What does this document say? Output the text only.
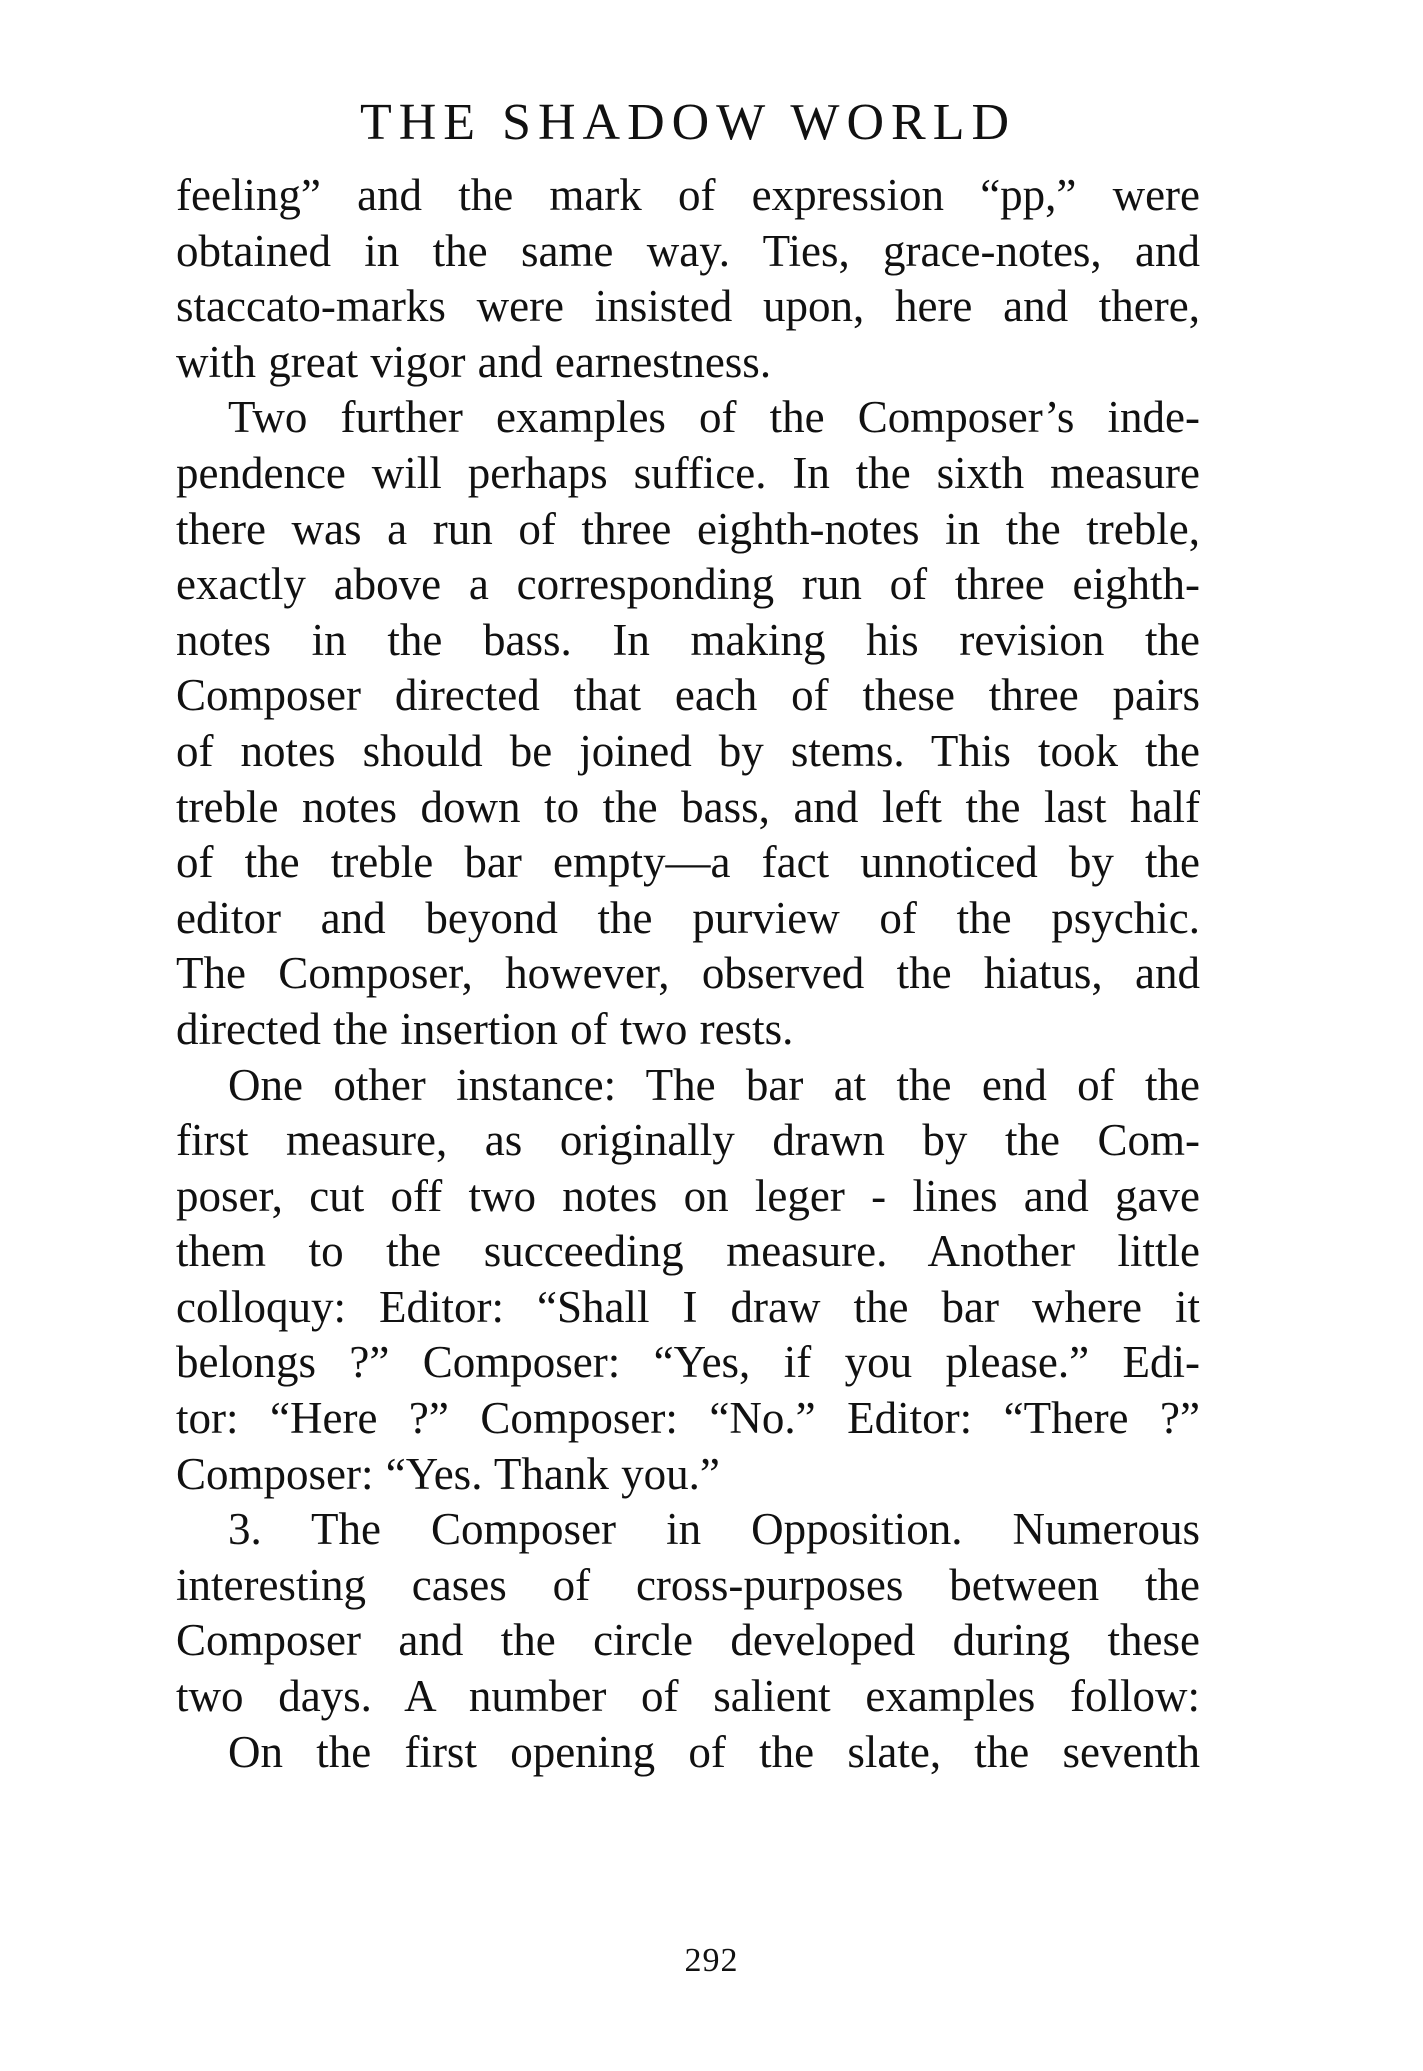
THE SHADOW WORLD

feeling” and the mark of expression “pp,” were

obtained in the same way. Ties, grace-notes, and

staccato-marks were insisted upon, here and there,

with great vigor and earnestness.

Two further examples of the Composer’s inde-

pendence will perhaps suffice. In the sixth measure

there was a run of three eighth-notes in the treble,

exactly above a corresponding run of three eighth-

notes in the bass. In making his revision the

Composer directed that each of these three pairs

of notes should be joined by stems. This took the

treble notes down to the bass, and left the last half

of the treble bar empty—a fact unnoticed by the

editor and beyond the purview of the psychic.

The Composer, however, observed the hiatus, and

directed the insertion of two rests.

One other instance: The bar at the end of the

first measure, as originally drawn by the Com-

poser, cut off two notes on leger - lines and gave

them to the succeeding measure. Another little

colloquy: Editor: “Shall I draw the bar where it

belongs ?” Composer: “Yes, if you please.” Edi-

tor: “Here ?” Composer: “No.” Editor: “There ?”

Composer: “Yes. Thank you.”

3. The Composer in Opposition. Numerous

interesting cases of cross-purposes between the

Composer and the circle developed during these

two days. A number of salient examples follow:

On the first opening of the slate, the seventh

292
